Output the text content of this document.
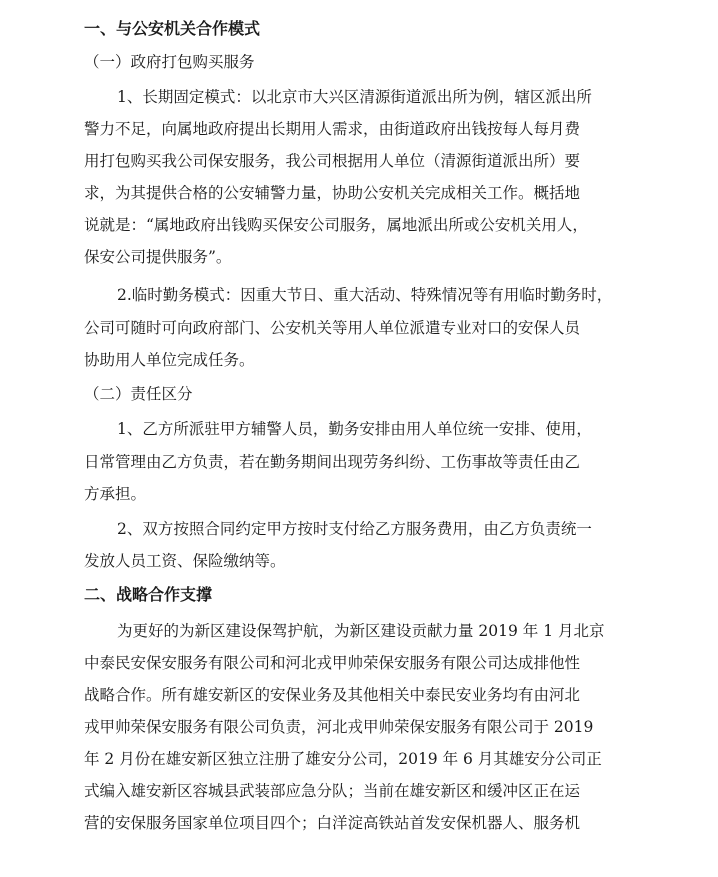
一、与公安机关合作模式
（一）政府打包购买服务
1、长期固定模式：以北京市大兴区清源街道派出所为例，辖区派出所
警力不足，向属地政府提出长期用人需求，由街道政府出钱按每人每月费
用打包购买我公司保安服务，我公司根据用人单位（清源街道派出所）要
求，为其提供合格的公安辅警力量，协助公安机关完成相关工作。概括地
说就是：“属地政府出钱购买保安公司服务，属地派出所或公安机关用人，
保安公司提供服务”。
2.临时勤务模式：因重大节日、重大活动、特殊情况等有用临时勤务时，
公司可随时可向政府部门、公安机关等用人单位派遣专业对口的安保人员
协助用人单位完成任务。
（二）责任区分
1、乙方所派驻甲方辅警人员，勤务安排由用人单位统一安排、使用，
日常管理由乙方负责，若在勤务期间出现劳务纠纷、工伤事故等责任由乙
方承担。
2、双方按照合同约定甲方按时支付给乙方服务费用，由乙方负责统一
发放人员工资、保险缴纳等。
二、战略合作支撑
为更好的为新区建设保驾护航，为新区建设贡献力量 2019 年 1 月北京
中泰民安保安服务有限公司和河北戎甲帅荣保安服务有限公司达成排他性
战略合作。所有雄安新区的安保业务及其他相关中泰民安业务均有由河北
戎甲帅荣保安服务有限公司负责，河北戎甲帅荣保安服务有限公司于 2019
年 2 月份在雄安新区独立注册了雄安分公司，2019 年 6 月其雄安分公司正
式编入雄安新区容城县武装部应急分队；当前在雄安新区和缓冲区正在运
营的安保服务国家单位项目四个；白洋淀高铁站首发安保机器人、服务机
